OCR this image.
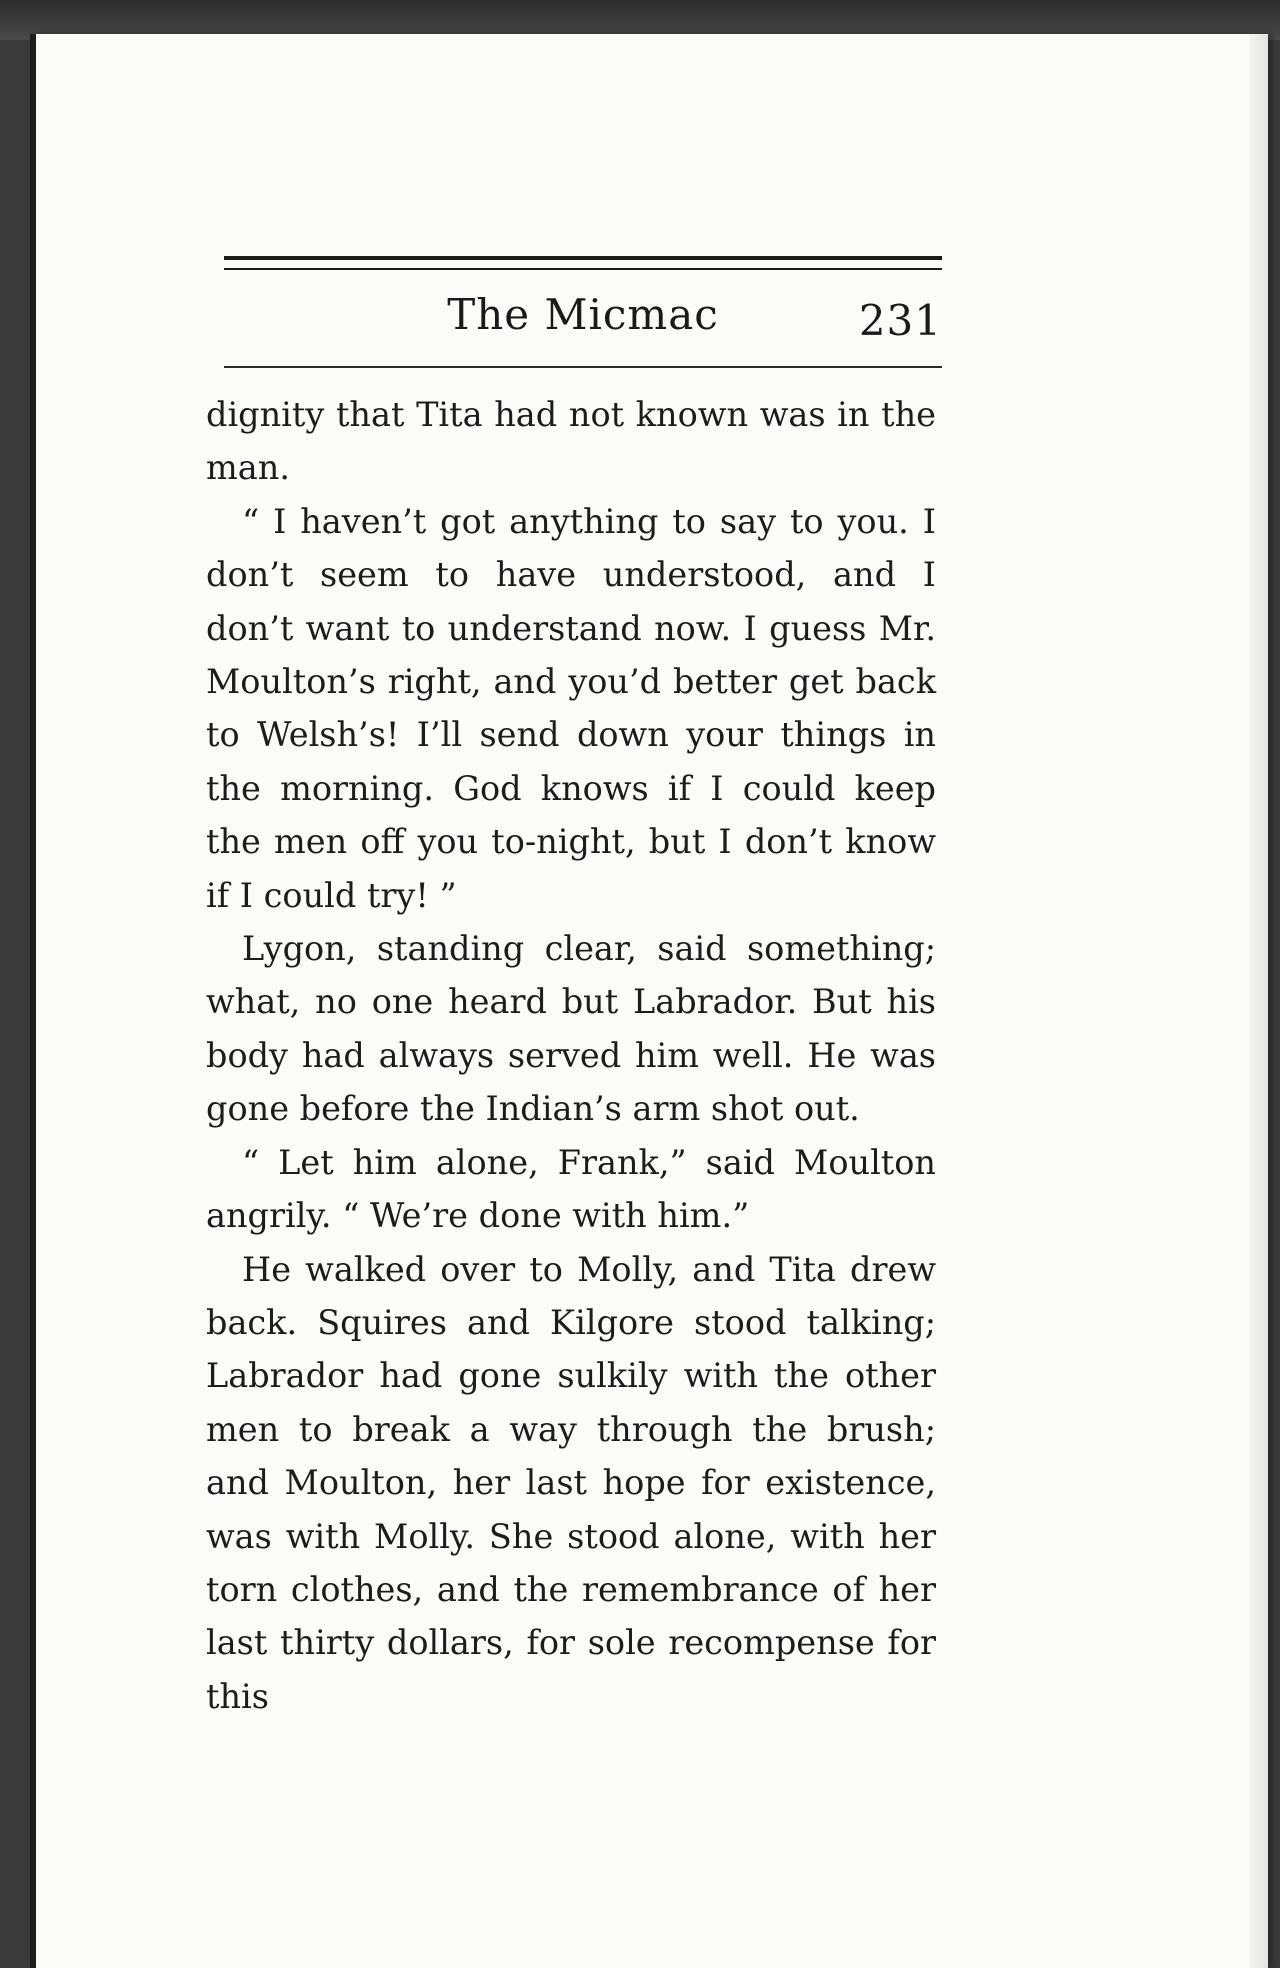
The Micmac	231

dignity that Tita had not known was in the man.

“ I haven’t got anything to say to you. I don’t seem to have understood, and I don’t want to understand now. I guess Mr. Moulton’s right, and you’d better get back to Welsh’s! I’ll send down your things in the morning. God knows if I could keep the men off you to-night, but I don’t know if I could try! ”

Lygon, standing clear, said something; what, no one heard but Labrador. But his body had always served him well. He was gone before the Indian’s arm shot out.

“ Let him alone, Frank,” said Moulton angrily. “ We’re done with him.”

He walked over to Molly, and Tita drew back. Squires and Kilgore stood talking; Labrador had gone sulkily with the other men to break a way through the brush; and Moulton, her last hope for existence, was with Molly. She stood alone, with her torn clothes, and the remembrance of her last thirty dollars, for sole recompense for this
